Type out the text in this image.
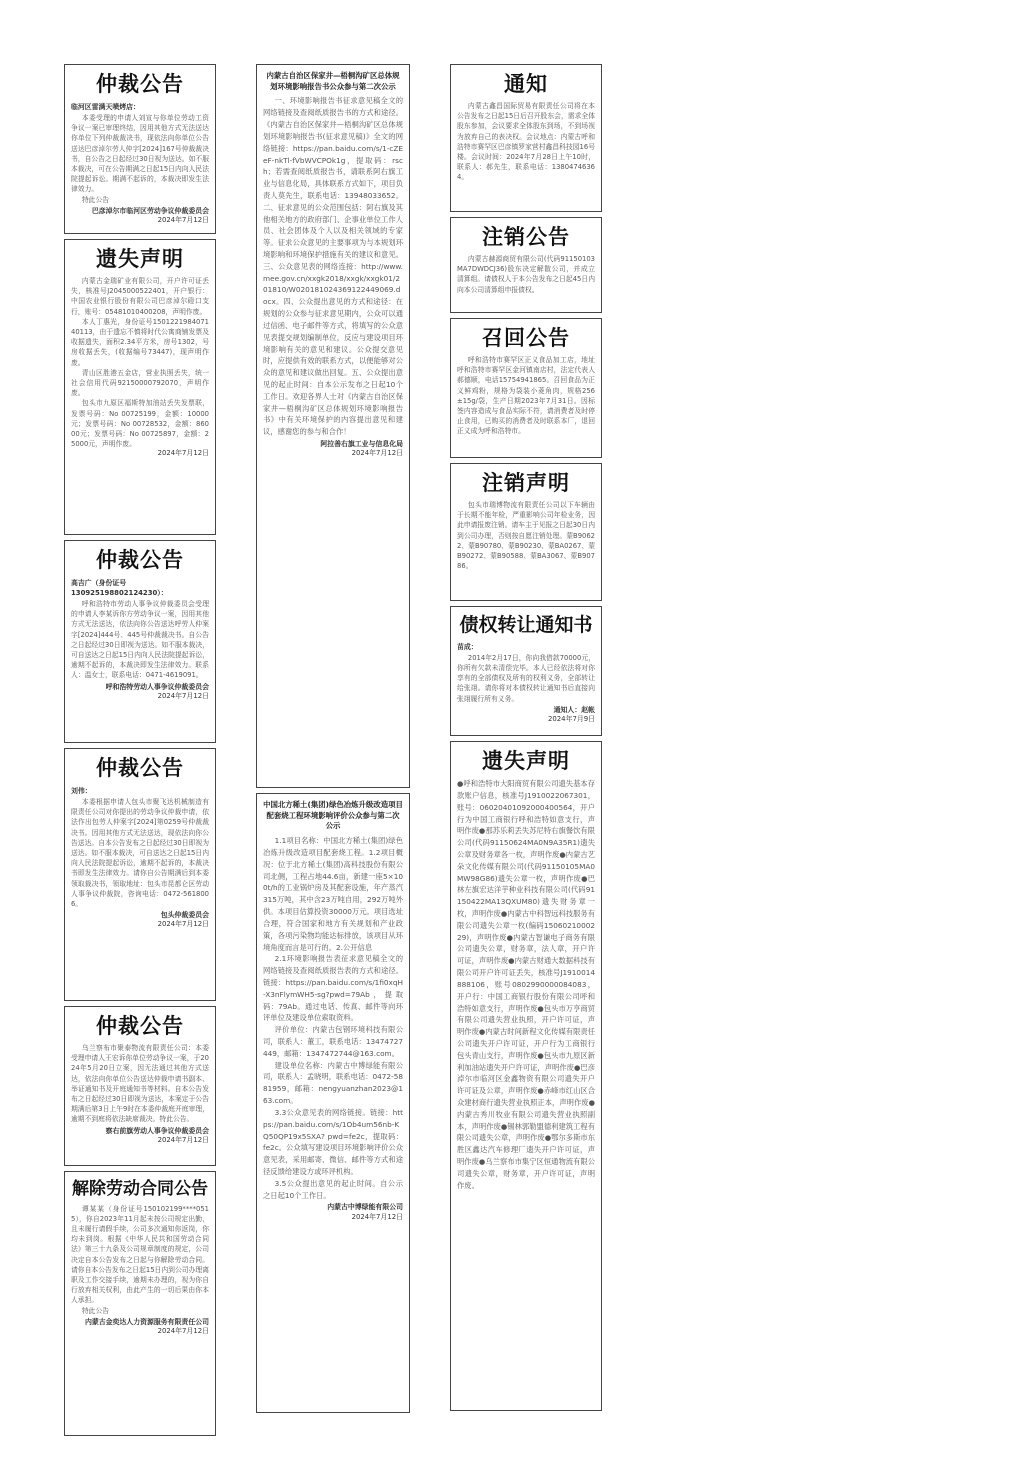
仲裁公告
临河区雷满天喷烤店：

本委受理的申请人刘宣与你单位劳动工资争议一案已审理终结，因用其他方式无法送达你单位下列仲裁裁决书，现依法向你单位公告送达巴彦淖尔劳人仲字[2024]167号仲裁裁决书，自公告之日起经过30日视为送达。如不服本裁决，可在公告期满之日起15日内向人民法院提起诉讼。期满不起诉的，本裁决即发生法律效力。

特此公告

巴彦淖尔市临河区劳动争议仲裁委员会
2024年7月12日
遗失声明

内蒙古金瑞矿业有限公司，开户许可证丢失，核准号J2045000522401，开户银行：中国农业银行股份有限公司巴彦淖尔磴口支行，账号：05481010400208，声明作废。

本人丁惠光，身份证号150122198407140113，由于遗忘不慎将时代公寓商铺发票及收据遗失，面积2.34平方米，房号1302，号房收据丢失，(收据编号73447)，现声明作废。

青山区胜港五金店，营业执照丢失，统一社会信用代码92150000792070，声明作废。

包头市九原区福斯特加油站丢失发票联，发票号码：No 00725199，金额：10000元；发票号码：No 00728532，金额：86000元；发票号码：No 00725897，金额：25000元，声明作废。

2024年7月12日
仲裁公告
高吉广（身份证号130925198802124230）：

呼和浩特市劳动人事争议仲裁委员会受理的申请人李某诉你方劳动争议一案，因用其他方式无法送达，依法向你公告送达呼劳人仲案字[2024]444号、445号仲裁裁决书。自公告之日起经过30日即视为送达。如不服本裁决，可自送达之日起15日内向人民法院提起诉讼，逾期不起诉的，本裁决即发生法律效力。联系人：温女士，联系电话：0471-4619091。

呼和浩特劳动人事争议仲裁委员会
2024年7月12日
仲裁公告
刘伟：

本委根据申请人包头市聚飞达机械制造有限责任公司对你提出的劳动争议仲裁申请，依法作出包劳人仲案字[2024]第0259号仲裁裁决书。因用其他方式无法送达，现依法向你公告送达。自本公告发布之日起经过30日即视为送达。如不服本裁决，可自送达之日起15日内向人民法院提起诉讼，逾期不起诉的，本裁决书即发生法律效力。请你自公告期满后到本委领取裁决书，领取地址：包头市昆都仑区劳动人事争议仲裁院，咨询电话：0472-5618006。

包头仲裁委员会
2024年7月12日
仲裁公告

乌兰察布市聚泰物流有限责任公司：本委受理申请人王宏诉你单位劳动争议一案，于2024年5月20日立案，因无法通过其他方式送达，依法向你单位公告送达仲裁申请书副本、举证通知书及开庭通知书等材料。自本公告发布之日起经过30日即视为送达，本案定于公告期满后第3日上午9时在本委仲裁庭开庭审理，逾期不到庭将依法缺席裁决。特此公告。

察右前旗劳动人事争议仲裁委员会
2024年7月12日
解除劳动合同公告

谭某某（身份证号150102199****0515），你自2023年11月起未按公司规定出勤，且未履行请假手续，公司多次通知你返岗，你均未到岗。根据《中华人民共和国劳动合同法》第三十九条及公司规章制度的规定，公司决定自本公告发布之日起与你解除劳动合同。请你自本公告发布之日起15日内到公司办理离职及工作交接手续，逾期未办理的，视为你自行放弃相关权利，由此产生的一切后果由你本人承担。

特此公告

内蒙古金奕达人力资源服务有限责任公司
2024年7月12日
内蒙古自治区保家井—梧桐沟矿区总体规划环境影响报告书公众参与第二次公示

一、环境影响报告书征求意见稿全文的网络链接及查阅纸质报告书的方式和途径。《内蒙古自治区保家井—梧桐沟矿区总体规划环境影响报告书(征求意见稿)》全文的网络链接：https://pan.baidu.com/s/1-cZEeF-nkTl-fVbWVCPOk1g，提取码：rsch；若需查阅纸质报告书，请联系阿右旗工业与信息化局，具体联系方式如下，项目负责人莫先生，联系电话：13948033652。二、征求意见的公众范围包括：阿右旗及其他相关地方的政府部门、企事业单位工作人员、社会团体及个人以及相关领域的专家等。征求公众意见的主要事项为与本规划环境影响和环境保护措施有关的建议和意见。三、公众意见表的网络连接：http://www.mee.gov.cn/xxgk2018/xxgk/xxgk01/201810/W020181024369122449069.docx。四、公众提出意见的方式和途径：在规划的公众参与征求意见期内，公众可以通过信函、电子邮件等方式，将填写的公众意见表提交规划编制单位，反应与建设项目环境影响有关的意见和建议。公众提交意见时，应提供有效的联系方式，以便能够对公众的意见和建议做出回复。五、公众提出意见的起止时间：自本公示发布之日起10个工作日。欢迎各界人士对《内蒙古自治区保家井—梧桐沟矿区总体规划环境影响报告书》中有关环境保护的内容提出意见和建议，感谢您的参与和合作！

阿拉善右旗工业与信息化局
2024年7月12日
中国北方稀土(集团)绿色冶炼升级改造项目配套烧工程环境影响评价公众参与第二次公示

1.1项目名称：中国北方稀土(集团)绿色冶炼升级改造项目配套烧工程。1.2项目概况：位于北方稀土(集团)高科技股份有限公司北侧，工程占地44.6亩，新建一座5×100t/h的工业锅炉房及其配套设施，年产蒸汽315万吨，其中含23万吨自用，292万吨外供。本项目估算投资30000万元。项目选址合理，符合国家和地方有关规划和产业政策，各项污染物均能达标排放，该项目从环境角度而言是可行的。2.公开信息

2.1环境影响报告表征求意见稿全文的网络链接及查阅纸质报告表的方式和途径。链接：https://pan.baidu.com/s/1fi0xqH-X3nFlymWH5-sg?pwd=79Ab，提取码：79Ab。通过电话、传真、邮件等向环评单位及建设单位索取资料。

评价单位：内蒙古包钢环境科技有限公司，联系人：董工，联系电话：13474727449，邮箱：1347472744@163.com。

建设单位名称：内蒙古中博绿能有限公司，联系人：孟晓明，联系电话：0472-5881959，邮箱：nengyuanzhan2023@163.com。

3.3公众意见表的网络链接。链接：https://pan.baidu.com/s/1Ob4um56nb-KQ50QP19x5SXA? pwd=fe2c，提取码：fe2c。公众填写建设项目环境影响评价公众意见表，采用邮寄、微信、邮件等方式和途径反馈给建设方或环评机构。

3.5公众提出意见的起止时间。自公示之日起10个工作日。

内蒙古中博绿能有限公司
2024年7月12日
通知

内蒙古鑫昌国际贸易有限责任公司将在本公告发布之日起15日后召开股东会，需求全体股东参加，会议要求全体股东到场，不到场视为放弃自己的表决权。会议地点：内蒙古呼和浩特市赛罕区巴彦镇罗家营村鑫昌科技园16号楼。会议时间：2024年7月28日上午10时，联系人：郝先生，联系电话：13804746364。

注销公告

内蒙古赫源商贸有限公司(代码91150103MA7DWDCJ36)股东决定解散公司，并成立清算组。请债权人于本公告发布之日起45日内向本公司清算组申报债权。

召回公告

呼和浩特市赛罕区正义食品加工店，地址呼和浩特市赛罕区金河镇南店村，法定代表人郝德顺，电话15754941865。召回食品为正义鲜鸡粉，规格为袋装小菱角肉，规格256±15g/袋，生产日期2023年7月31日。因标签内容造成与食品实际不符，请消费者及时停止食用，已购买的消费者及时联系本厂，退回正义成为呼和浩特市。

注销声明

包头市瑞博物流有限责任公司以下车辆由于长期不能年检，严重影响公司年检业务，因此申请报废注销。请车主于见报之日起30日内到公司办理，否则按自愿注销处理。蒙B90622、蒙B90780、蒙B90230、蒙BA0267、蒙B90272、蒙B90588、蒙BA3067、蒙B90786。

债权转让通知书
苗成：

2014年2月17日，你向我借款70000元，你所有欠款未清偿完毕。本人已经依法将对你享有的全部债权及所有的权利义务，全部转让给张翊。请你将对本债权转让通知书后直接向张翊履行所有义务。

通知人：赵帐
2024年7月9日
遗失声明

●呼和浩特市大阳商贸有限公司遗失基本存款账户信息，核准号J1910022067301，账号：06020401092000400564，开户行为中国工商银行呼和浩特如意支行，声明作废●那苏乐莉丢失苏尼特右旗餐饮有限公司(代码91150624MA0N9A35R1)遗失公章及财务章各一枚，声明作废●内蒙古艺朵文化传媒有限公司(代码91150105MA0MW98G86)遗失公章一枚，声明作废●巴林左旗宏达洋芋种业科技有限公司(代码91150422MA13QXUM80)遗失财务章一枚，声明作废●内蒙古中科智远科技服务有限公司遗失公章一枚(编码1506021000229)，声明作废●内蒙古智谦电子商务有限公司遗失公章，财务章，法人章，开户许可证，声明作废●内蒙古财通大数据科技有限公司开户许可证丢失，核准号J1910014888106，账号0802990000084083，开户行：中国工商银行股份有限公司呼和浩特如意支行，声明作废●包头市万亨商贸有限公司遗失营业执照，开户许可证，声明作废●内蒙古时间新程文化传媒有限责任公司遗失开户许可证，开户行为工商银行包头青山支行，声明作废●包头市九原区新利加油站遗失开户许可证，声明作废●巴彦淖尔市临河区金鑫物资有限公司遗失开户许可证及公章，声明作废●赤峰市红山区合众建材商行遗失营业执照正本，声明作废●内蒙古秀川牧业有限公司遗失营业执照副本，声明作废●锡林郭勒盟德利建筑工程有限公司遗失公章，声明作废●鄂尔多斯市东胜区鑫达汽车修理厂遗失开户许可证，声明作废●乌兰察布市集宁区恒通物流有限公司遗失公章，财务章，开户许可证，声明作废。
